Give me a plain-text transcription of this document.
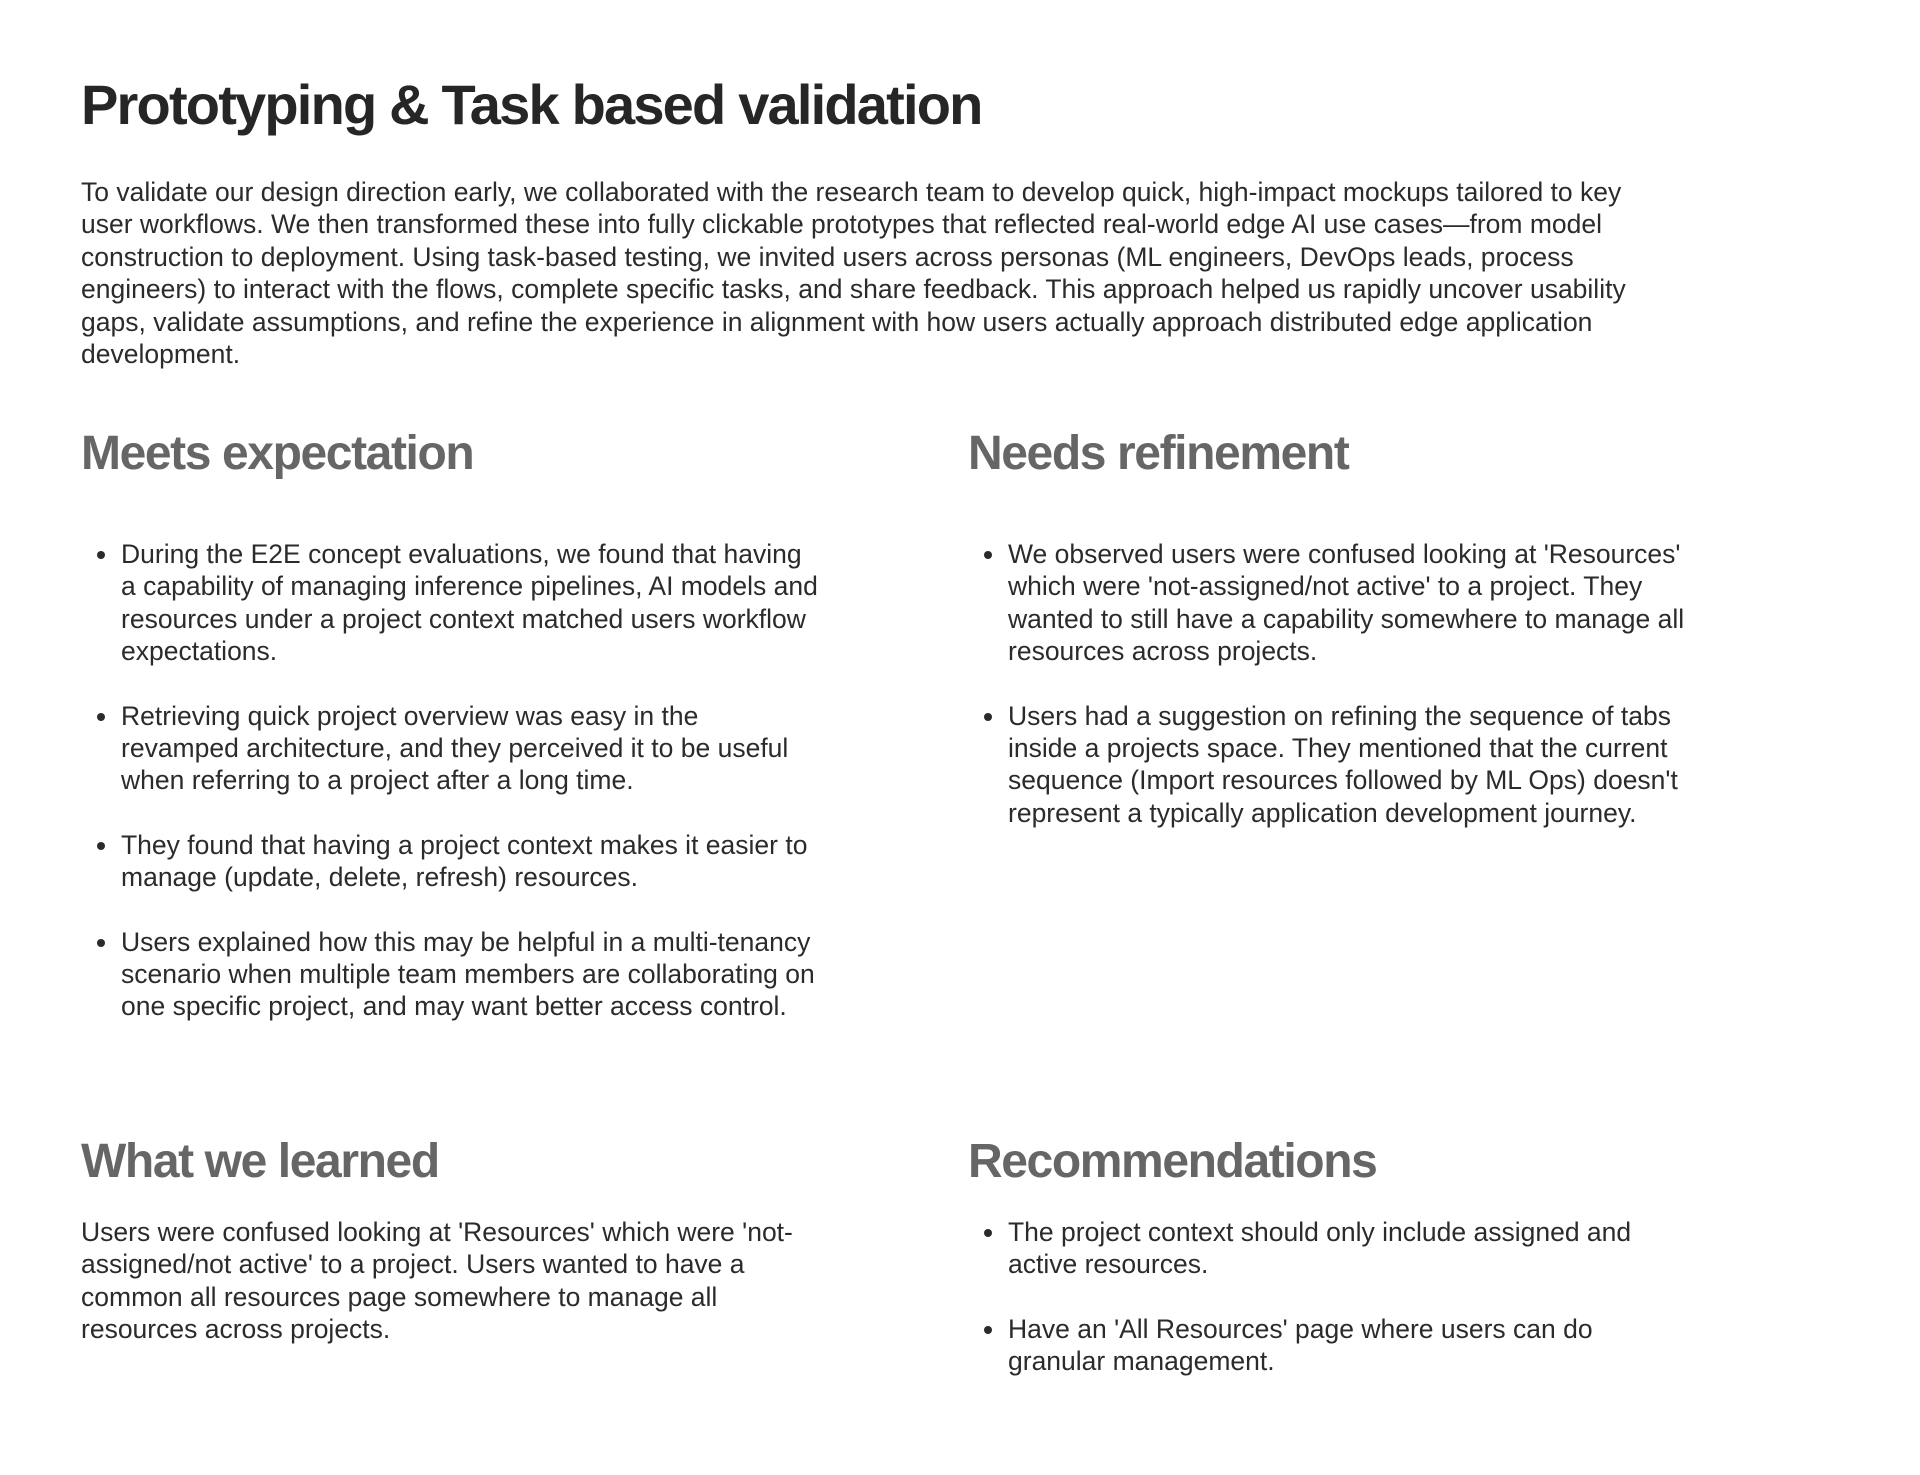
Prototyping & Task based validation

To validate our design direction early, we collaborated with the research team to develop quick, high-impact mockups tailored to key user workflows. We then transformed these into fully clickable prototypes that reflected real-world edge AI use cases—from model construction to deployment. Using task-based testing, we invited users across personas (ML engineers, DevOps leads, process engineers) to interact with the flows, complete specific tasks, and share feedback. This approach helped us rapidly uncover usability gaps, validate assumptions, and refine the experience in alignment with how users actually approach distributed edge application development.

Meets expectation
During the E2E concept evaluations, we found that having a capability of managing inference pipelines, AI models and resources under a project context matched users workflow expectations.
Retrieving quick project overview was easy in the revamped architecture, and they perceived it to be useful when referring to a project after a long time.
They found that having a project context makes it easier to manage (update, delete, refresh) resources.
Users explained how this may be helpful in a multi-tenancy scenario when multiple team members are collaborating on one specific project, and may want better access control.
Needs refinement
We observed users were confused looking at 'Resources' which were 'not-assigned/not active' to a project. They wanted to still have a capability somewhere to manage all resources across projects.
Users had a suggestion on refining the sequence of tabs inside a projects space. They mentioned that the current sequence (Import resources followed by ML Ops) doesn't represent a typically application development journey.
What we learned

Users were confused looking at 'Resources' which were 'not-assigned/not active' to a project. Users wanted to have a common all resources page somewhere to manage all resources across projects.

Recommendations
The project context should only include assigned and active resources.
Have an 'All Resources' page where users can do granular management.
